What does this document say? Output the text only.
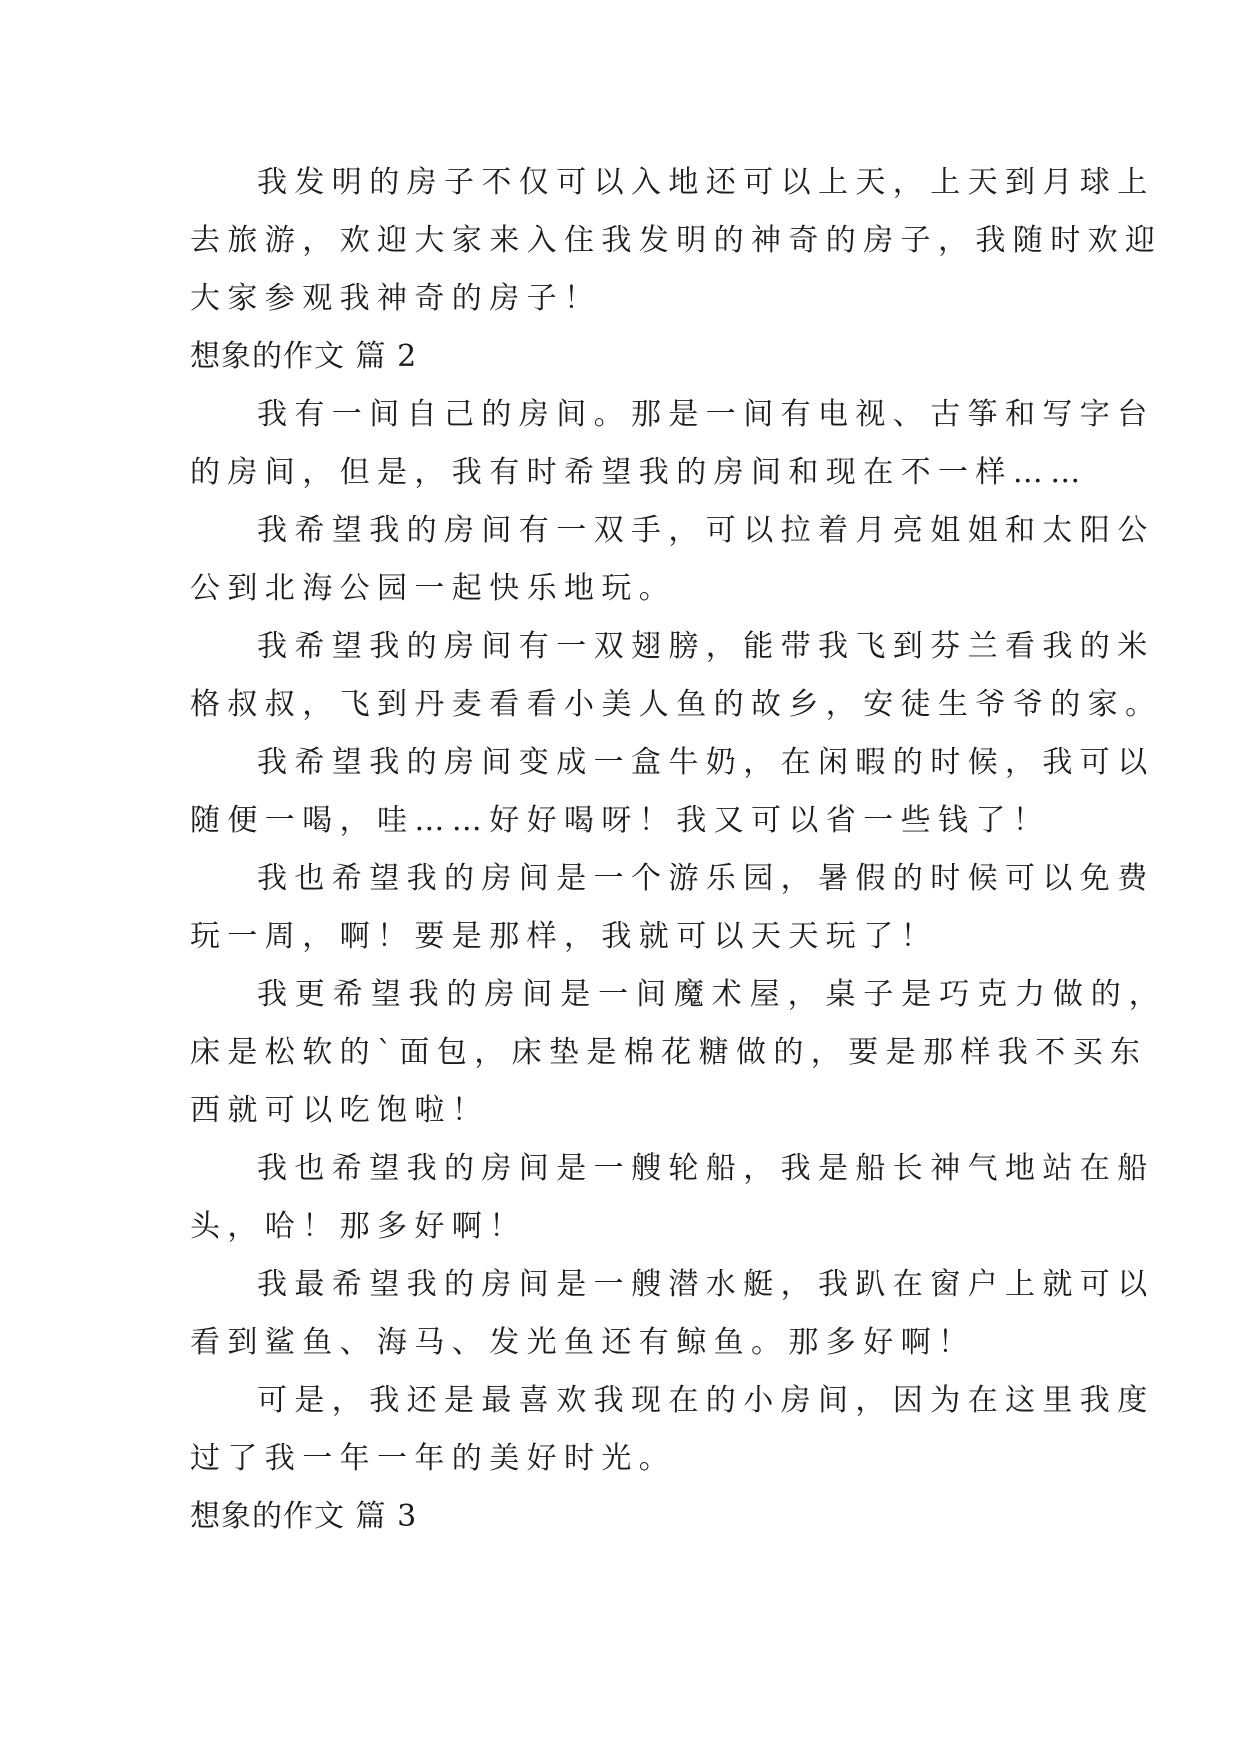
我发明的房子不仅可以入地还可以上天，上天到月球上

去旅游，欢迎大家来入住我发明的神奇的房子，我随时欢迎

大家参观我神奇的房子！

想象的作文 篇 2

我有一间自己的房间。那是一间有电视、古筝和写字台

的房间，但是，我有时希望我的房间和现在不一样……

我希望我的房间有一双手，可以拉着月亮姐姐和太阳公

公到北海公园一起快乐地玩。

我希望我的房间有一双翅膀，能带我飞到芬兰看我的米

格叔叔，飞到丹麦看看小美人鱼的故乡，安徒生爷爷的家。

我希望我的房间变成一盒牛奶，在闲暇的时候，我可以

随便一喝，哇……好好喝呀！我又可以省一些钱了！

我也希望我的房间是一个游乐园，暑假的时候可以免费

玩一周，啊！要是那样，我就可以天天玩了！

我更希望我的房间是一间魔术屋，桌子是巧克力做的，

床是松软的`面包，床垫是棉花糖做的，要是那样我不买东

西就可以吃饱啦！

我也希望我的房间是一艘轮船，我是船长神气地站在船

头，哈！那多好啊！

我最希望我的房间是一艘潜水艇，我趴在窗户上就可以

看到鲨鱼、海马、发光鱼还有鲸鱼。那多好啊！

可是，我还是最喜欢我现在的小房间，因为在这里我度

过了我一年一年的美好时光。

想象的作文 篇 3
